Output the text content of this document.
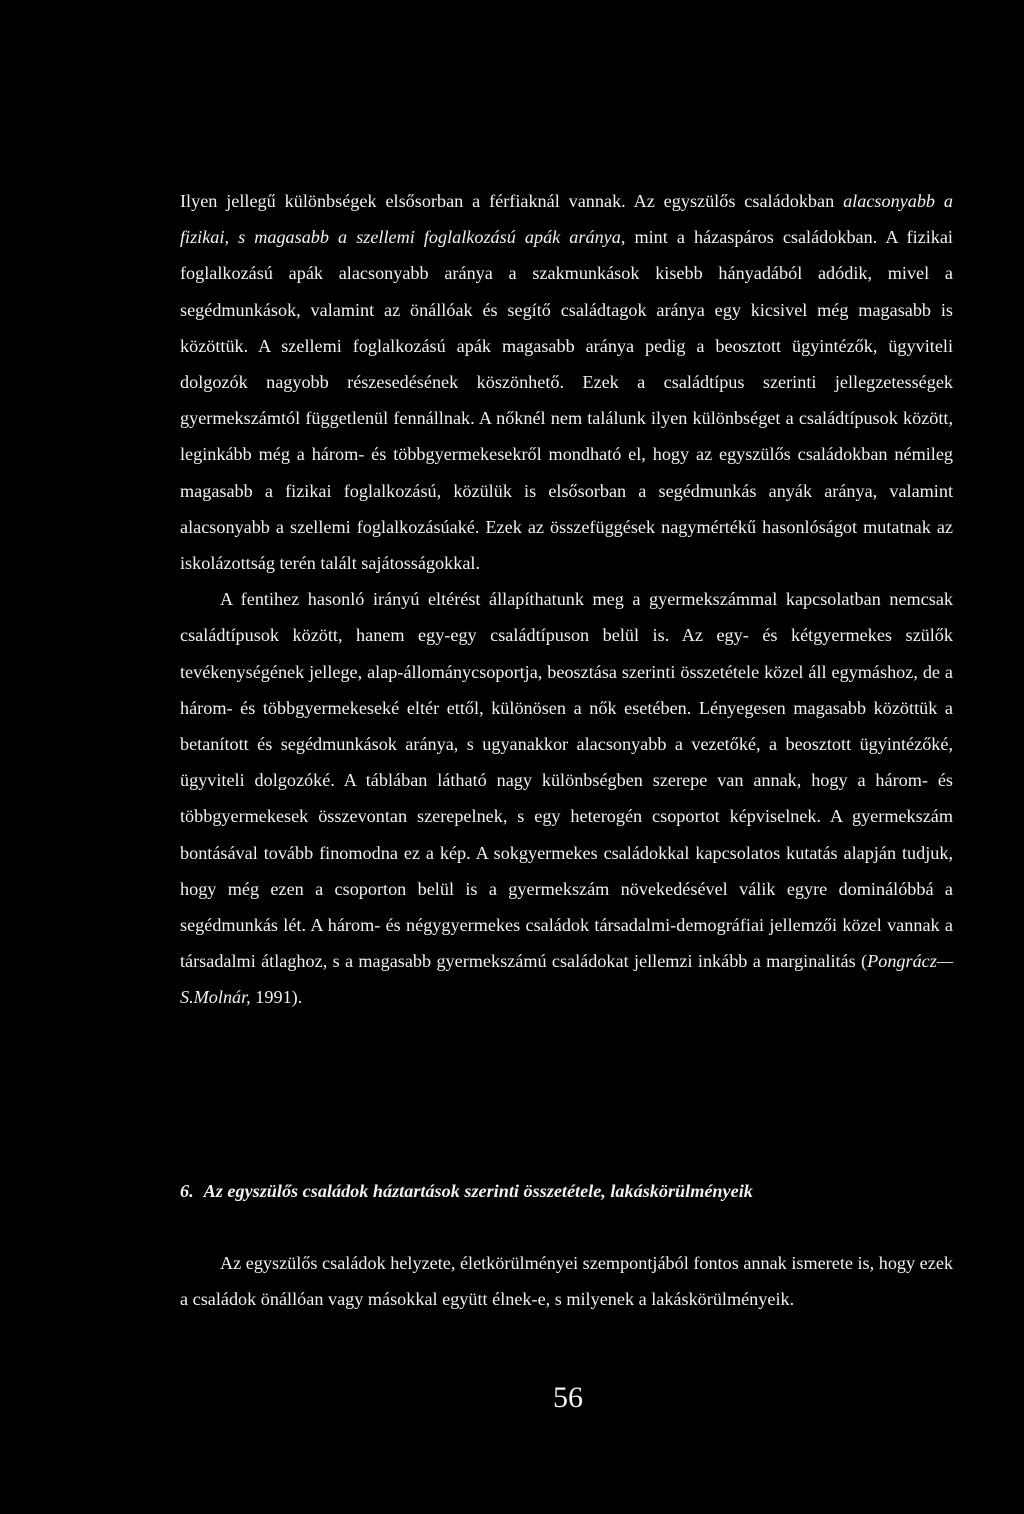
Ilyen jellegű különbségek elsősorban a férfiaknál vannak. Az egyszülős családokban alacsonyabb a fizikai, s magasabb a szellemi foglalkozású apák aránya, mint a házaspáros családokban. A fizikai foglalkozású apák alacsonyabb aránya a szakmunkások kisebb hányadából adódik, mivel a segédmunkások, valamint az önállóak és segítő családtagok aránya egy kicsivel még magasabb is közöttük. A szellemi foglalkozású apák magasabb aránya pedig a beosztott ügyintézők, ügyviteli dolgozók nagyobb részesedésének köszönhető. Ezek a családtípus szerinti jellegzetességek gyermekszámtól függetlenül fennállnak. A nőknél nem találunk ilyen különbséget a családtípusok között, leginkább még a három- és többgyermekesekről mondható el, hogy az egyszülős családokban némileg magasabb a fizikai foglalkozású, közülük is elsősorban a segédmunkás anyák aránya, valamint alacsonyabb a szellemi foglalkozásúaké. Ezek az összefüggések nagymértékű hasonlóságot mutatnak az iskolázottság terén talált sajátosságokkal.

A fentihez hasonló irányú eltérést állapíthatunk meg a gyermekszámmal kapcsolatban nemcsak családtípusok között, hanem egy-egy családtípuson belül is. Az egy- és kétgyermekes szülők tevékenységének jellege, alap-állománycsoportja, beosztása szerinti összetétele közel áll egymáshoz, de a három- és többgyermekeseké eltér ettől, különösen a nők esetében. Lényegesen magasabb közöttük a betanított és segédmunkások aránya, s ugyanakkor alacsonyabb a vezetőké, a beosztott ügyintézőké, ügyviteli dolgozóké. A táblában látható nagy különbségben szerepe van annak, hogy a három- és többgyermekesek összevontan szerepelnek, s egy heterogén csoportot képviselnek. A gyermekszám bontásával tovább finomodna ez a kép. A sokgyermekes családokkal kapcsolatos kutatás alapján tudjuk, hogy még ezen a csoporton belül is a gyermekszám növekedésével válik egyre dominálóbbá a segédmunkás lét. A három- és négygyermekes családok társadalmi-demográfiai jellemzői közel vannak a társadalmi átlaghoz, s a magasabb gyermekszámú családokat jellemzi inkább a marginalitás (Pongrácz—S.Molnár, 1991).

6. Az egyszülős családok háztartások szerinti összetétele, lakáskörülményeik

Az egyszülős családok helyzete, életkörülményei szempontjából fontos annak ismerete is, hogy ezek a családok önállóan vagy másokkal együtt élnek-e, s milyenek a lakáskörülményeik.

56
